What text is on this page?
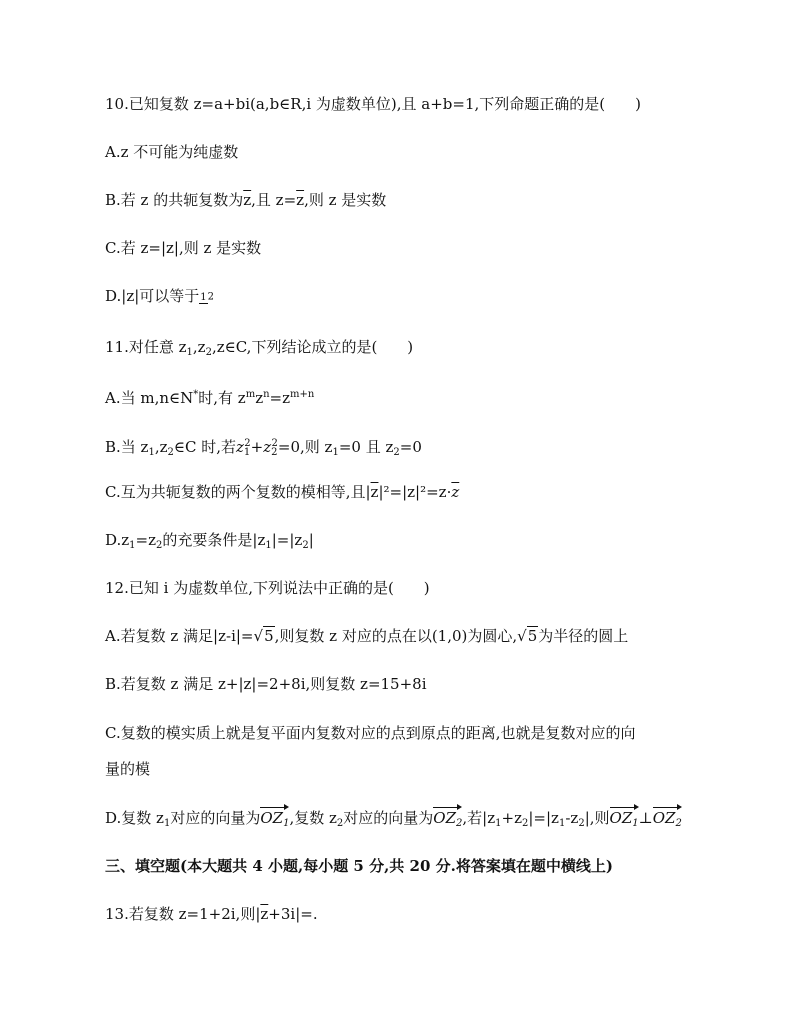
10.已知复数 z=a+bi(a,b∈R,i 为虚数单位),且 a+b=1,下列命题正确的是(　　)
A.z 不可能为纯虚数
B.若 z 的共轭复数为$\overline{z}$,且 $z=\overline{z}$,则 z 是实数
C.若 z=|z|,则 z 是实数
D.|z|可以等于12
11.对任意 $z_1,z_2,z\in C$,下列结论成立的是(　　)
A.当 m,n∈N*时,有 $z^mz^n=z^{m+n}$
B.当 $z_1,z_2\in C$ 时,若$z_1^2+z_2^2=0$,则 $z_1=0$ 且 $z_2=0$
C.互为共轭复数的两个复数的模相等,且$|\overline{z}|^2=|z|^2=z\cdot\overline{z}$
$D.z_1=z_2$的充要条件是$|z_1|=|z_2|$
12.已知 i 为虚数单位,下列说法中正确的是(　　)
A.若复数 z 满足|z-i|=√5,则复数 z 对应的点在以(1,0)为圆心,√5为半径的圆上
B.若复数 z 满足 z+|z|=2+8i,则复数 z=15+8i
C.复数的模实质上就是复平面内复数对应的点到原点的距离,也就是复数对应的向
量的模
D.复数 $z_1$对应的向量为$OZ_1$,复数 $z_2$对应的向量为$OZ_2$,若$|z_1+z_2|=|z_1-z_2|$,则$OZ_1\perp OZ_2$
三、填空题(本大题共 4 小题,每小题 5 分,共 20 分.将答案填在题中横线上)
13.若复数 z=1+2i,则$|\overline{z}+3i|=$.
